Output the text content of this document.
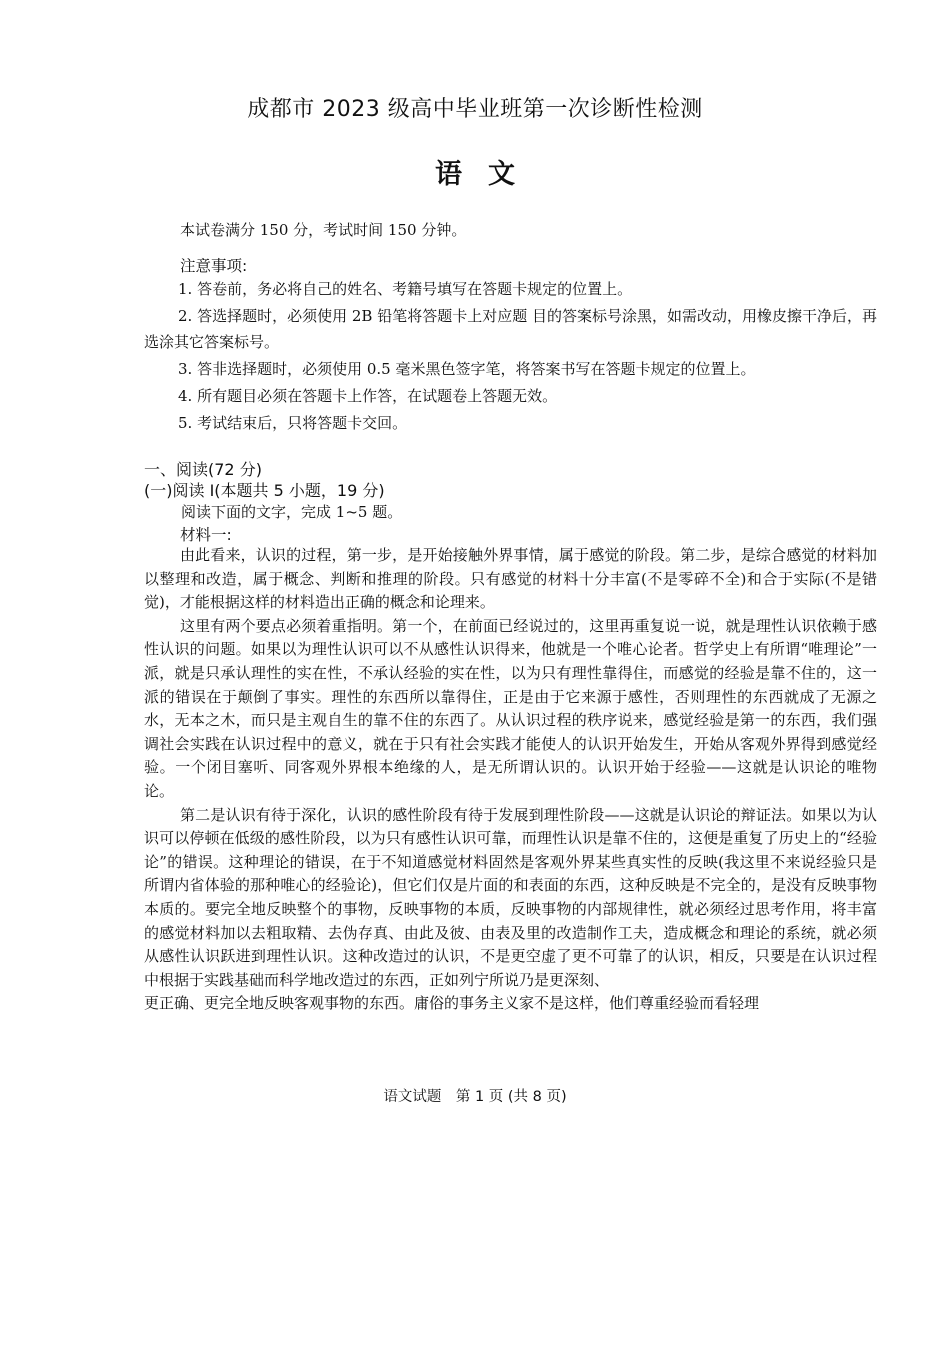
成都市 2023 级高中毕业班第一次诊断性检测
语文
本试卷满分 150 分，考试时间 150 分钟。
注意事项:

1. 答卷前，务必将自己的姓名、考籍号填写在答题卡规定的位置上。

2. 答选择题时，必须使用 2B 铅笔将答题卡上对应题 目的答案标号涂黑，如需改动，用橡皮擦干净后，再选涂其它答案标号。

3. 答非选择题时，必须使用 0.5 毫米黑色签字笔，将答案书写在答题卡规定的位置上。

4. 所有题目必须在答题卡上作答，在试题卷上答题无效。

5. 考试结束后，只将答题卡交回。

一、阅读(72 分)
(一)阅读 Ⅰ(本题共 5 小题，19 分)
阅读下面的文字，完成 1~5 题。
材料一:

由此看来，认识的过程，第一步，是开始接触外界事情，属于感觉的阶段。第二步，是综合感觉的材料加以整理和改造，属于概念、判断和推理的阶段。只有感觉的材料十分丰富(不是零碎不全)和合于实际(不是错觉)，才能根据这样的材料造出正确的概念和论理来。

这里有两个要点必须着重指明。第一个，在前面已经说过的，这里再重复说一说，就是理性认识依赖于感性认识的问题。如果以为理性认识可以不从感性认识得来，他就是一个唯心论者。哲学史上有所谓“唯理论”一派，就是只承认理性的实在性，不承认经验的实在性，以为只有理性靠得住，而感觉的经验是靠不住的，这一派的错误在于颠倒了事实。理性的东西所以靠得住，正是由于它来源于感性，否则理性的东西就成了无源之水，无本之木，而只是主观自生的靠不住的东西了。从认识过程的秩序说来，感觉经验是第一的东西，我们强调社会实践在认识过程中的意义，就在于只有社会实践才能使人的认识开始发生，开始从客观外界得到感觉经验。一个闭目塞听、同客观外界根本绝缘的人，是无所谓认识的。认识开始于经验——这就是认识论的唯物论。

第二是认识有待于深化，认识的感性阶段有待于发展到理性阶段——这就是认识论的辩证法。如果以为认识可以停顿在低级的感性阶段，以为只有感性认识可靠，而理性认识是靠不住的，这便是重复了历史上的“经验论”的错误。这种理论的错误，在于不知道感觉材料固然是客观外界某些真实性的反映(我这里不来说经验只是所谓内省体验的那种唯心的经验论)，但它们仅是片面的和表面的东西，这种反映是不完全的，是没有反映事物本质的。要完全地反映整个的事物，反映事物的本质，反映事物的内部规律性，就必须经过思考作用，将丰富的感觉材料加以去粗取精、去伪存真、由此及彼、由表及里的改造制作工夫，造成概念和理论的系统，就必须从感性认识跃进到理性认识。这种改造过的认识，不是更空虚了更不可靠了的认识，相反，只要是在认识过程中根据于实践基础而科学地改造过的东西，正如列宁所说乃是更深刻、

更正确、更完全地反映客观事物的东西。庸俗的事务主义家不是这样，他们尊重经验而看轻理

语文试题　第 1 页 (共 8 页)
